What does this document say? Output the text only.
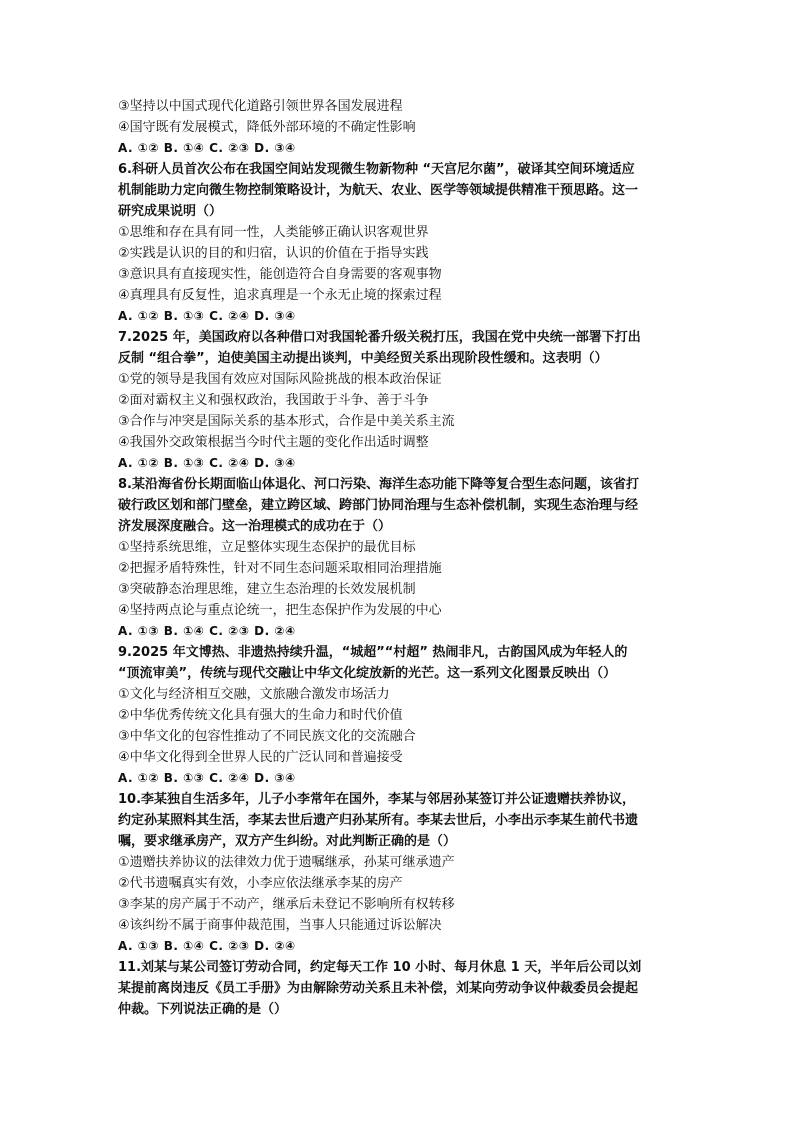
③坚持以中国式现代化道路引领世界各国发展进程
④国守既有发展模式，降低外部环境的不确定性影响
A. ①② B. ①④ C. ②③ D. ③④
6.科研人员首次公布在我国空间站发现微生物新物种 “天宫尼尔菌”，破译其空间环境适应
机制能助力定向微生物控制策略设计，为航天、农业、医学等领域提供精准干预思路。这一
研究成果说明（）
①思维和存在具有同一性，人类能够正确认识客观世界
②实践是认识的目的和归宿，认识的价值在于指导实践
③意识具有直接现实性，能创造符合自身需要的客观事物
④真理具有反复性，追求真理是一个永无止境的探索过程
A. ①② B. ①③ C. ②④ D. ③④
7.2025 年，美国政府以各种借口对我国轮番升级关税打压，我国在党中央统一部署下打出
反制 “组合拳”，迫使美国主动提出谈判，中美经贸关系出现阶段性缓和。这表明（）
①党的领导是我国有效应对国际风险挑战的根本政治保证
②面对霸权主义和强权政治，我国敢于斗争、善于斗争
③合作与冲突是国际关系的基本形式，合作是中美关系主流
④我国外交政策根据当今时代主题的变化作出适时调整
A. ①② B. ①③ C. ②④ D. ③④
8.某沿海省份长期面临山体退化、河口污染、海洋生态功能下降等复合型生态问题，该省打
破行政区划和部门壁垒，建立跨区域、跨部门协同治理与生态补偿机制，实现生态治理与经
济发展深度融合。这一治理模式的成功在于（）
①坚持系统思维，立足整体实现生态保护的最优目标
②把握矛盾特殊性，针对不同生态问题采取相同治理措施
③突破静态治理思维，建立生态治理的长效发展机制
④坚持两点论与重点论统一，把生态保护作为发展的中心
A. ①③ B. ①④ C. ②③ D. ②④
9.2025 年文博热、非遗热持续升温，“城超”“村超” 热闹非凡，古韵国风成为年轻人的
“顶流审美”，传统与现代交融让中华文化绽放新的光芒。这一系列文化图景反映出（）
①文化与经济相互交融，文旅融合激发市场活力
②中华优秀传统文化具有强大的生命力和时代价值
③中华文化的包容性推动了不同民族文化的交流融合
④中华文化得到全世界人民的广泛认同和普遍接受
A. ①② B. ①③ C. ②④ D. ③④
10.李某独自生活多年，儿子小李常年在国外，李某与邻居孙某签订并公证遗赠扶养协议，
约定孙某照料其生活，李某去世后遗产归孙某所有。李某去世后，小李出示李某生前代书遗
嘱，要求继承房产，双方产生纠纷。对此判断正确的是（）
①遗赠扶养协议的法律效力优于遗嘱继承，孙某可继承遗产
②代书遗嘱真实有效，小李应依法继承李某的房产
③李某的房产属于不动产，继承后未登记不影响所有权转移
④该纠纷不属于商事仲裁范围，当事人只能通过诉讼解决
A. ①③ B. ①④ C. ②③ D. ②④
11.刘某与某公司签订劳动合同，约定每天工作 10 小时、每月休息 1 天，半年后公司以刘
某提前离岗违反《员工手册》为由解除劳动关系且未补偿，刘某向劳动争议仲裁委员会提起
仲裁。下列说法正确的是（）
